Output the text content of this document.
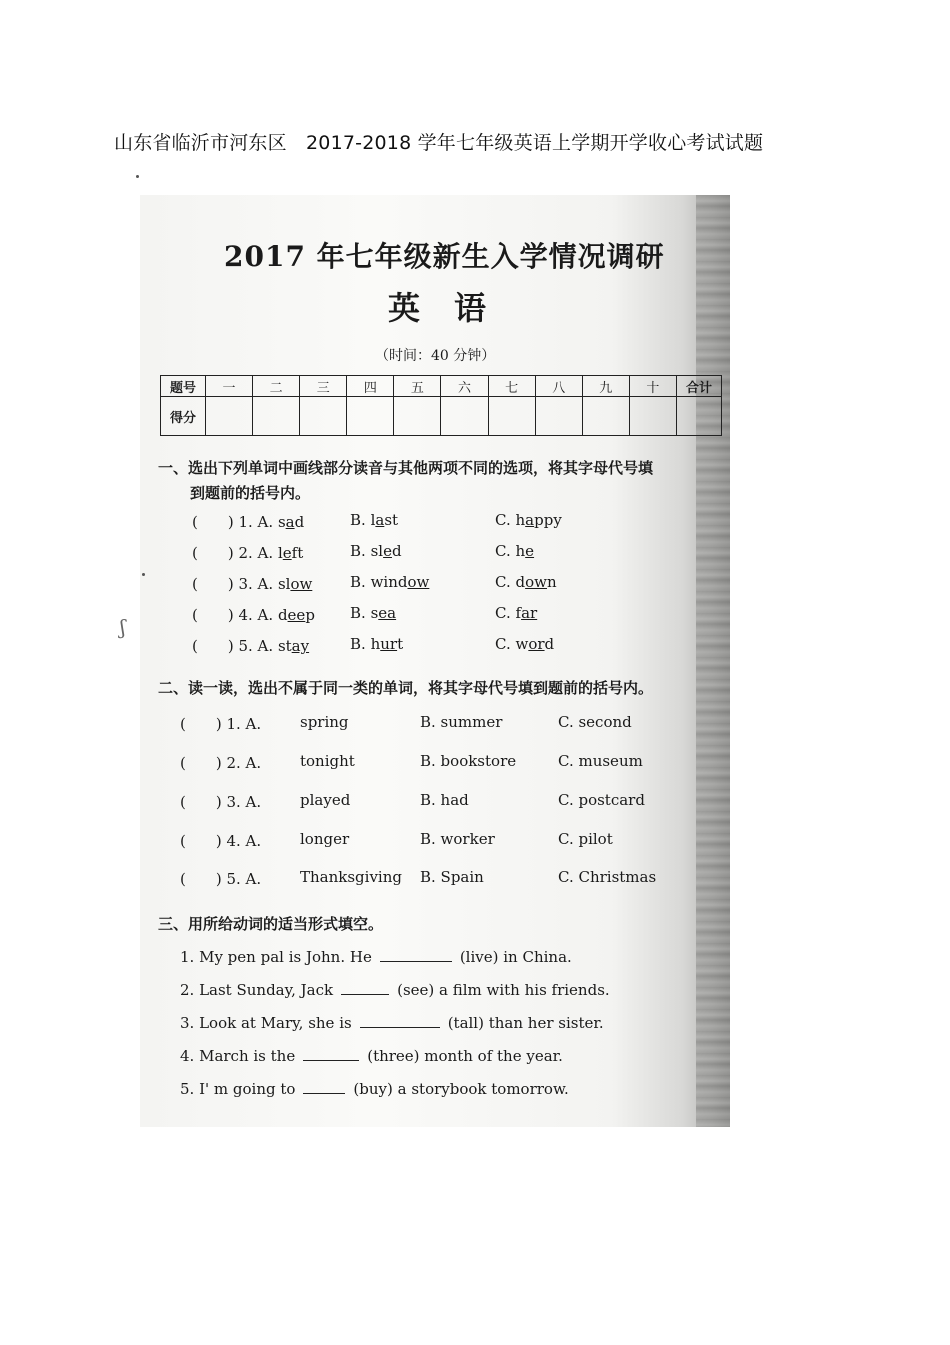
山东省临沂市河东区　2017-2018 学年七年级英语上学期开学收心考试试题
ʃ
2017 年七年级新生入学情况调研
英语
（时间：40 分钟）
题号	一	二	三	四	五	六	七	八	九	十	合计
得分											
一、选出下列单词中画线部分读音与其他两项不同的选项，将其字母代号填
到题前的括号内。
(　　) 1. A. sad	B. last	C. happy
(　　) 2. A. left	B. sled	C. he
(　　) 3. A. slow	B. window	C. down
(　　) 4. A. deep B. sea	C. far
(　　) 5. A. stay	B. hurt	C. word
(　　) 1. A.	spring	B. summer	C. second
(　　) 2. A.	tonight	B. bookstore	C. museum
(　　) 3. A.	played	B. had	C. postcard
(　　) 4. A.	longer	B. worker	C. pilot
(　　) 5. A.	Thanksgiving B. Spain	C. Christmas
二、读一读，选出不属于同一类的单词，将其字母代号填到题前的括号内。
三、用所给动词的适当形式填空。
1. My pen pal is John. He	(live) in China.
2. Last Sunday, Jack	(see) a film with his friends.
3. Look at Mary, she is	(tall) than her sister.
4. March is the	(three) month of the year.
5. I' m going to	(buy) a storybook tomorrow.
